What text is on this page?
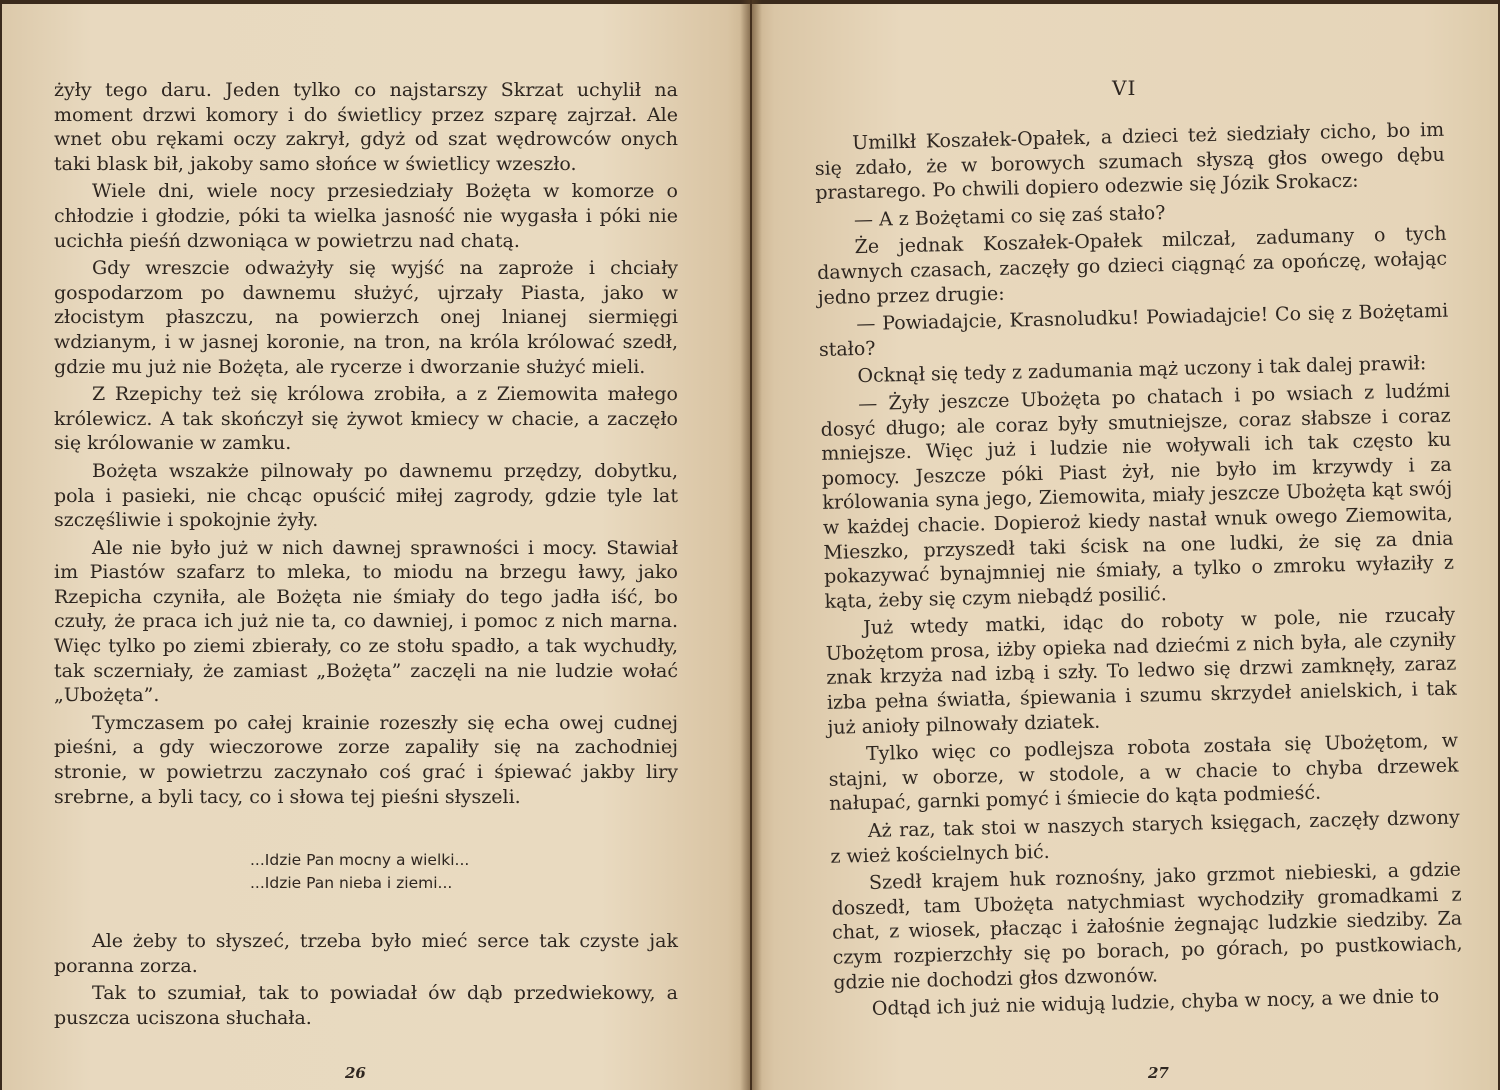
żyły tego daru. Jeden tylko co najstarszy Skrzat uchylił na moment drzwi komory i do świetlicy przez szparę zajrzał. Ale wnet obu rękami oczy zakrył, gdyż od szat wędrowców onych taki blask bił, jakoby samo słońce w świetlicy wzeszło.

Wiele dni, wiele nocy przesiedziały Bożęta w komorze o chłodzie i głodzie, póki ta wielka jasność nie wygasła i póki nie ucichła pieśń dzwoniąca w powietrzu nad chatą.

Gdy wreszcie odważyły się wyjść na zaproże i chciały gospodarzom po dawnemu służyć, ujrzały Piasta, jako w złocistym płaszczu, na powierzch onej lnianej siermięgi wdzianym, i w jasnej koronie, na tron, na króla królować szedł, gdzie mu już nie Bożęta, ale rycerze i dworzanie służyć mieli.

Z Rzepichy też się królowa zrobiła, a z Ziemowita małego królewicz. A tak skończył się żywot kmiecy w chacie, a zaczęło się królowanie w zamku.

Bożęta wszakże pilnowały po dawnemu przędzy, dobytku, pola i pasieki, nie chcąc opuścić miłej zagrody, gdzie tyle lat szczęśliwie i spokojnie żyły.

Ale nie było już w nich dawnej sprawności i mocy. Stawiał im Piastów szafarz to mleka, to miodu na brzegu ławy, jako Rzepicha czyniła, ale Bożęta nie śmiały do tego jadła iść, bo czuły, że praca ich już nie ta, co dawniej, i pomoc z nich marna. Więc tylko po ziemi zbierały, co ze stołu spadło, a tak wychudły, tak sczerniały, że zamiast „Bożęta” zaczęli na nie ludzie wołać „Ubożęta”.

Tymczasem po całej krainie rozeszły się echa owej cudnej pieśni, a gdy wieczorowe zorze zapaliły się na zachodniej stronie, w powietrzu zaczynało coś grać i śpiewać jakby liry srebrne, a byli tacy, co i słowa tej pieśni słyszeli.

...Idzie Pan mocny a wielki...
...Idzie Pan nieba i ziemi...

Ale żeby to słyszeć, trzeba było mieć serce tak czyste jak poranna zorza.

Tak to szumiał, tak to powiadał ów dąb przedwiekowy, a puszcza uciszona słuchała.

26
VI

Umilkł Koszałek-Opałek, a dzieci też siedziały cicho, bo im się zdało, że w borowych szumach słyszą głos owego dębu prastarego. Po chwili dopiero odezwie się Józik Srokacz:

— A z Bożętami co się zaś stało?

Że jednak Koszałek-Opałek milczał, zadumany o tych dawnych czasach, zaczęły go dzieci ciągnąć za opończę, wołając jedno przez drugie:

— Powiadajcie, Krasnoludku! Powiadajcie! Co się z Bożętami stało?

Ocknął się tedy z zadumania mąż uczony i tak dalej prawił:

— Żyły jeszcze Ubożęta po chatach i po wsiach z ludźmi dosyć długo; ale coraz były smutniejsze, coraz słabsze i coraz mniejsze. Więc już i ludzie nie woływali ich tak często ku pomocy. Jeszcze póki Piast żył, nie było im krzywdy i za królowania syna jego, Ziemowita, miały jeszcze Ubożęta kąt swój w każdej chacie. Dopieroż kiedy nastał wnuk owego Ziemowita, Mieszko, przyszedł taki ścisk na one ludki, że się za dnia pokazywać bynajmniej nie śmiały, a tylko o zmroku wyłaziły z kąta, żeby się czym niebądź posilić.

Już wtedy matki, idąc do roboty w pole, nie rzucały Ubożętom prosa, iżby opieka nad dziećmi z nich była, ale czyniły znak krzyża nad izbą i szły. To ledwo się drzwi zamknęły, zaraz izba pełna światła, śpiewania i szumu skrzydeł anielskich, i tak już anioły pilnowały dziatek.

Tylko więc co podlejsza robota została się Ubożętom, w stajni, w oborze, w stodole, a w chacie to chyba drzewek nałupać, garnki pomyć i śmiecie do kąta podmieść.

Aż raz, tak stoi w naszych starych księgach, zaczęły dzwony z wież kościelnych bić.

Szedł krajem huk roznośny, jako grzmot niebieski, a gdzie doszedł, tam Ubożęta natychmiast wychodziły gromadkami z chat, z wiosek, płacząc i żałośnie żegnając ludzkie siedziby. Za czym rozpierzchły się po borach, po górach, po pustkowiach, gdzie nie dochodzi głos dzwonów.

Odtąd ich już nie widują ludzie, chyba w nocy, a we dnie to

27
